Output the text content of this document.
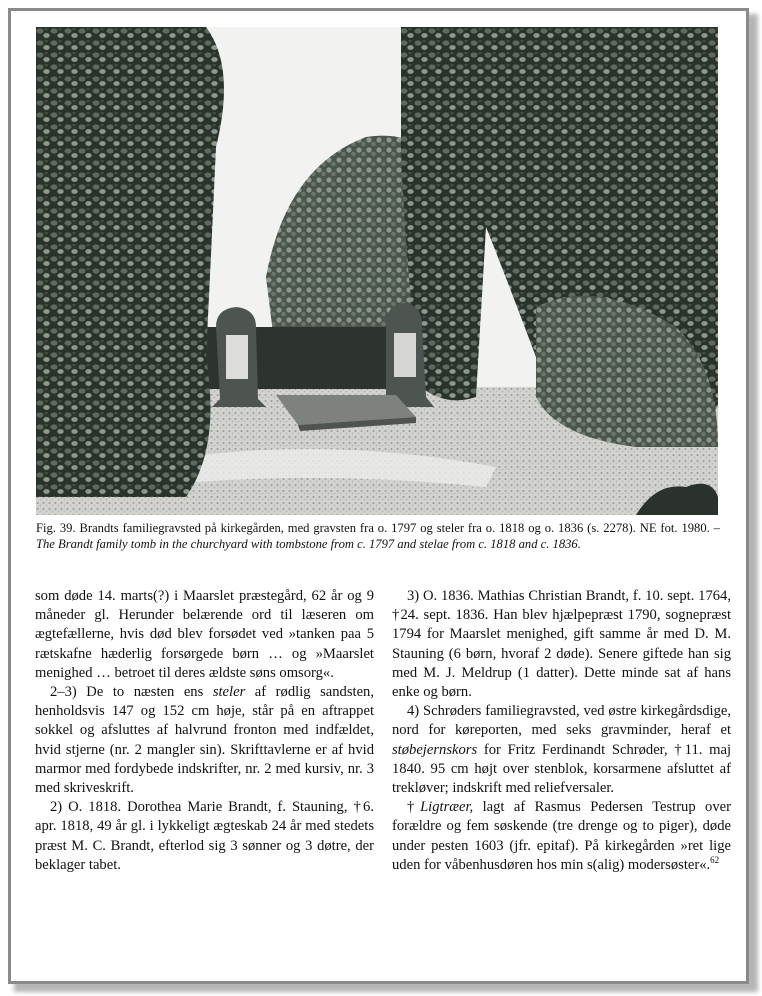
Fig. 39. Brandts familiegravsted på kirkegården, med gravsten fra o. 1797 og steler fra o. 1818 og o. 1836 (s. 2278). NE fot. 1980. – The Brandt family tomb in the churchyard with tombstone from c. 1797 and stelae from c. 1818 and c. 1836.

som døde 14. marts(?) i Maarslet præstegård, 62 år og 9 måneder gl. Herunder belærende ord til læseren om ægtefællerne, hvis død blev forsødet ved »tanken paa 5 rætskafne hæderlig forsørgede børn … og »Maarslet menighed … betroet til deres ældste søns omsorg«.

2–3) De to næsten ens steler af rødlig sandsten, henholdsvis 147 og 152 cm høje, står på en aftrappet sokkel og afsluttes af halvrund fronton med indfældet, hvid stjerne (nr. 2 mangler sin). Skrifttavlerne er af hvid marmor med fordybede indskrifter, nr. 2 med kursiv, nr. 3 med skriveskrift.

2) O. 1818. Dorothea Marie Brandt, f. Stauning, †6. apr. 1818, 49 år gl. i lykkeligt ægteskab 24 år med stedets præst M. C. Brandt, efterlod sig 3 sønner og 3 døtre, der beklager tabet.

3) O. 1836. Mathias Christian Brandt, f. 10. sept. 1764, †24. sept. 1836. Han blev hjælpepræst 1790, sognepræst 1794 for Maarslet menighed, gift samme år med D. M. Stauning (6 børn, hvoraf 2 døde). Senere giftede han sig med M. J. Meldrup (1 datter). Dette minde sat af hans enke og børn.

4) Schrøders familiegravsted, ved østre kirkegårdsdige, nord for køreporten, med seks gravminder, heraf et støbejernskors for Fritz Ferdinandt Schrøder, †11. maj 1840. 95 cm højt over stenblok, korsarmene afsluttet af trekløver; indskrift med reliefversaler.

†Ligtræer, lagt af Rasmus Pedersen Testrup over forældre og fem søskende (tre drenge og to piger), døde under pesten 1603 (jfr. epitaf). På kirkegården »ret lige uden for våbenhusdøren hos min s(alig) modersøster«.$^{62}$
